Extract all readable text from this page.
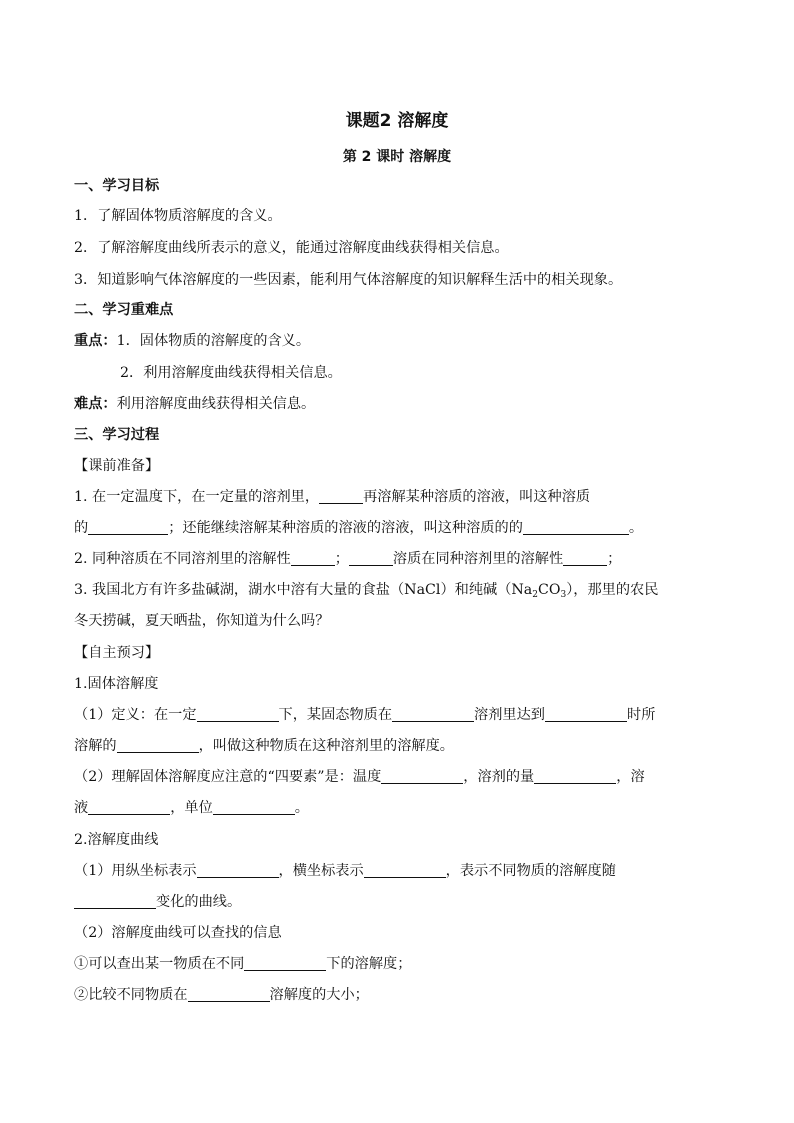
课题2 溶解度
第 2 课时 溶解度
一、学习目标
1．了解固体物质溶解度的含义。
2．了解溶解度曲线所表示的意义，能通过溶解度曲线获得相关信息。
3．知道影响气体溶解度的一些因素，能利用气体溶解度的知识解释生活中的相关现象。
二、学习重难点
重点：1．固体物质的溶解度的含义。
2．利用溶解度曲线获得相关信息。
难点：利用溶解度曲线获得相关信息。
三、学习过程
【课前准备】
1. 在一定温度下，在一定量的溶剂里，	再溶解某种溶质的溶液，叫这种溶质
的	；还能继续溶解某种溶质的溶液的溶液，叫这种溶质的的	。
2. 同种溶质在不同溶剂里的溶解性	；	溶质在同种溶剂里的溶解性	；
3. 我国北方有许多盐碱湖，湖水中溶有大量的食盐（NaCl）和纯碱$(Na_2CO_3)$，那里的农民
冬天捞碱，夏天晒盐，你知道为什么吗？
【自主预习】
1.固体溶解度
（1）定义：在一定	下，某固态物质在	溶剂里达到	时所
溶解的	，叫做这种物质在这种溶剂里的溶解度。
（2）理解固体溶解度应注意的“四要素”是：温度	，溶剂的量	，溶
液	，单位	。
2.溶解度曲线
（1）用纵坐标表示	，横坐标表示	，表示不同物质的溶解度随
变化的曲线。
（2）溶解度曲线可以查找的信息
①可以查出某一物质在不同	下的溶解度；
②比较不同物质在	溶解度的大小；
